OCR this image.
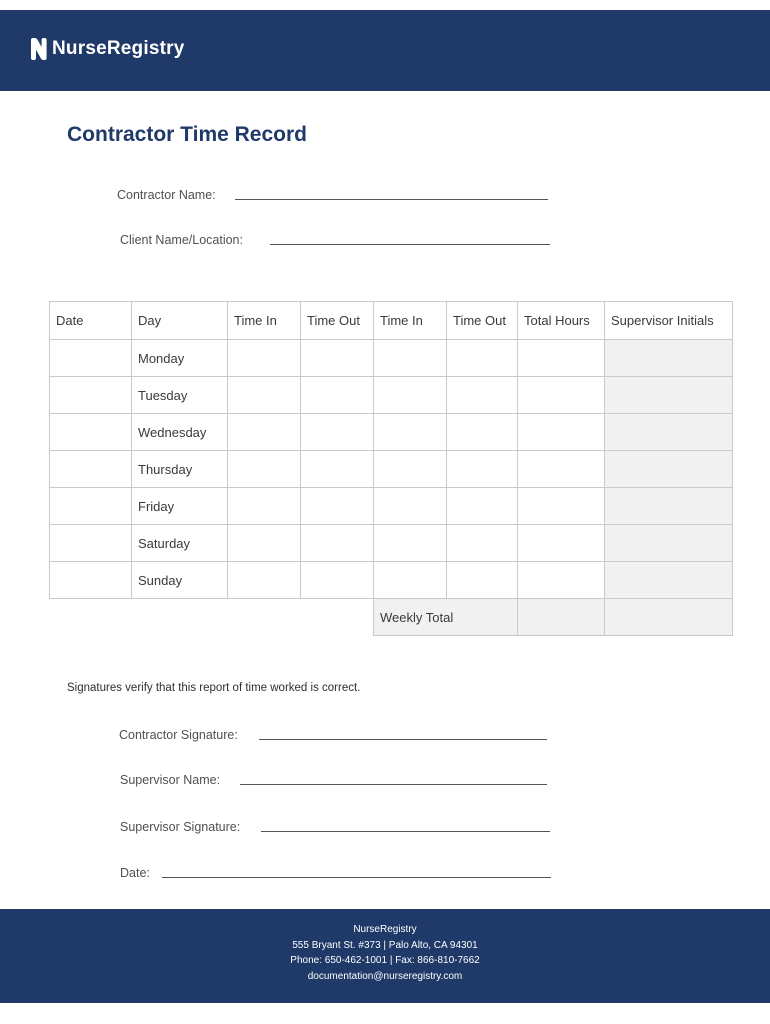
NurseRegistry
Contractor Time Record
Contractor Name:
Client Name/Location:
Date	Day	Time In	Time Out	Time In	Time Out	Total Hours	Supervisor Initials
	Monday						
	Tuesday						
	Wednesday						
	Thursday						
	Friday						
	Saturday						
	Sunday						
				Weekly Total			
Signatures verify that this report of time worked is correct.
Contractor Signature:
Supervisor Name:
Supervisor Signature:
Date:
NurseRegistry
555 Bryant St. #373 | Palo Alto, CA 94301
Phone: 650-462-1001 | Fax: 866-810-7662
documentation@nurseregistry.com
